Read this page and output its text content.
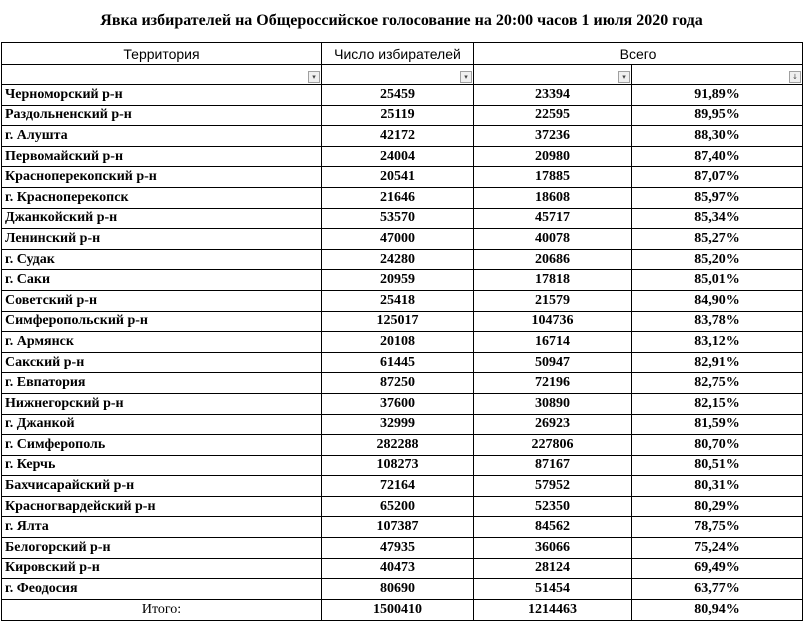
Явка избирателей на Общероссийское голосование на 20:00 часов 1 июля 2020 года
Территория	Число избирателей	Всего	

▾	▾	▾	↓

Черноморский р-н	25459	23394	91,89%
Раздольненский р-н	25119	22595	89,95%
г. Алушта	42172	37236	88,30%
Первомайский р-н	24004	20980	87,40%
Красноперекопский р-н	20541	17885	87,07%
г. Красноперекопск	21646	18608	85,97%
Джанкойский р-н	53570	45717	85,34%
Ленинский р-н	47000	40078	85,27%
г. Судак	24280	20686	85,20%
г. Саки	20959	17818	85,01%
Советский р-н	25418	21579	84,90%
Симферопольский р-н	125017	104736	83,78%
г. Армянск	20108	16714	83,12%
Сакский р-н	61445	50947	82,91%
г. Евпатория	87250	72196	82,75%
Нижнегорский р-н	37600	30890	82,15%
г. Джанкой	32999	26923	81,59%
г. Симферополь	282288	227806	80,70%
г. Керчь	108273	87167	80,51%
Бахчисарайский р-н	72164	57952	80,31%
Красногвардейский р-н	65200	52350	80,29%
г. Ялта	107387	84562	78,75%
Белогорский р-н	47935	36066	75,24%
Кировский р-н	40473	28124	69,49%
г. Феодосия	80690	51454	63,77%
Итого:	1500410	1214463	80,94%
